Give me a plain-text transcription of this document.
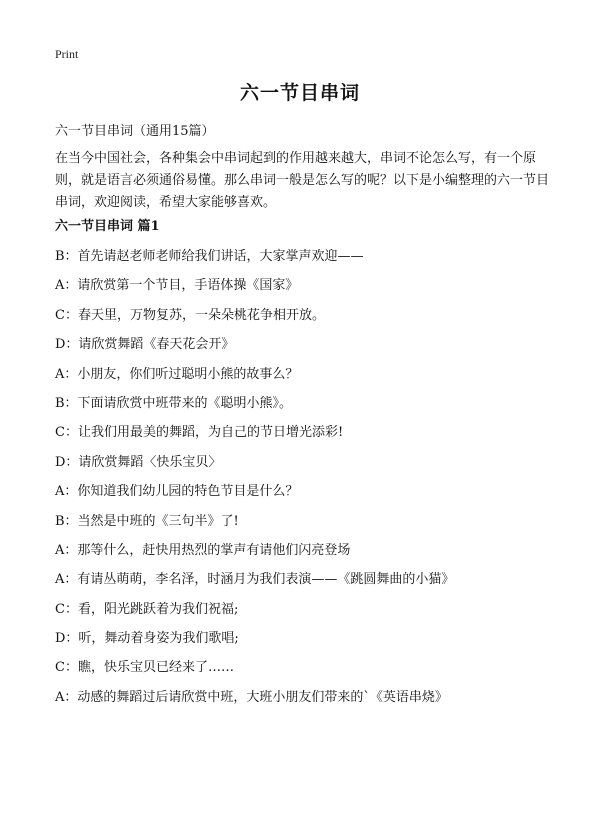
Print
六一节目串词
六一节目串词（通用15篇）
在当今中国社会，各种集会中串词起到的作用越来越大，串词不论怎么写，有一个原则，就是语言必须通俗易懂。那么串词一般是怎么写的呢？以下是小编整理的六一节目串词，欢迎阅读，希望大家能够喜欢。
六一节目串词 篇1
B：首先请赵老师老师给我们讲话，大家掌声欢迎——
A：请欣赏第一个节目，手语体操《国家》
C：春天里，万物复苏，一朵朵桃花争相开放。
D：请欣赏舞蹈《春天花会开》
A：小朋友，你们听过聪明小熊的故事么？
B：下面请欣赏中班带来的《聪明小熊》。
C：让我们用最美的舞蹈，为自己的节日增光添彩!
D：请欣赏舞蹈〈快乐宝贝〉
A：你知道我们幼儿园的特色节目是什么？
B：当然是中班的《三句半》了!
A：那等什么，赶快用热烈的掌声有请他们闪亮登场
A：有请丛萌萌，李名泽，时涵月为我们表演——《跳圆舞曲的小猫》
C：看，阳光跳跃着为我们祝福;
D：听，舞动着身姿为我们歌唱;
C：瞧，快乐宝贝已经来了……
A：动感的舞蹈过后请欣赏中班，大班小朋友们带来的`《英语串烧》
